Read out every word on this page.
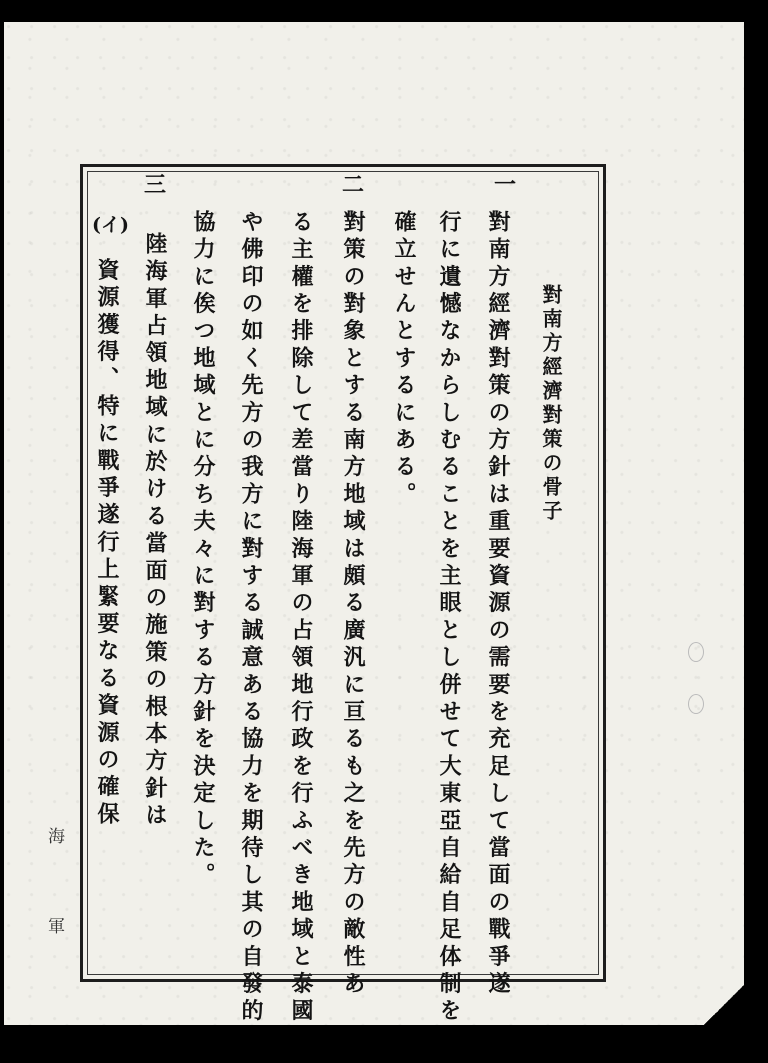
對南方經濟對策の骨子
一
對南方經濟對策の方針は重要資源の需要を充足して當面の戰爭遂
行に遺憾なからしむることを主眼とし併せて大東亞自給自足体制を
確立せんとするにある。
二
對策の對象とする南方地域は頗る廣汎に亘るも之を先方の敵性あ
る主權を排除して差當り陸海軍の占領地行政を行ふべき地域と泰國
や佛印の如く先方の我方に對する誠意ある協力を期待し其の自發的
協力に俟つ地域とに分ち夫々に對する方針を決定した。
三
陸海軍占領地域に於ける當面の施策の根本方針は
(イ)
資源獲得、特に戰爭遂行上緊要なる資源の確保
海
軍
